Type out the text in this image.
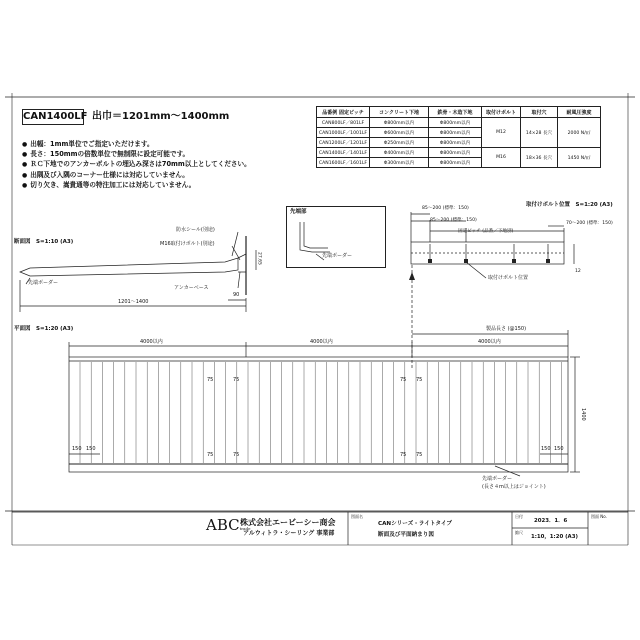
CAN1400LF 出巾＝1201mm～1400mm
● 出幅：1mm単位でご指定いただけます。
● 長さ：150mmの倍数単位で無制限に設定可能です。
● ＲＣ下地でのアンカーボルトの埋込み深さは70mm以上としてください。
● 出隅及び入隅のコーナー仕様には対応していません。
● 切り欠き、嵩貴通等の特注加工には対応していません。
品番例 固定ピッチ	コンクリート下地	鉄骨・木造下地	取付けボルト	取付穴	耐風圧強度
CAN800LF／801LF	Φ800mm以内	Φ800mm以内	M12	14×28 長穴	2000 N/㎡
CAN1000LF／1001LF	Φ600mm以内	Φ800mm以内			
CAN1200LF／1201LF	Φ250mm以内	Φ800mm以内			
CAN1400LF／1401LF	Φ400mm以内	Φ800mm以内	M16	18×36 長穴	1450 N/㎡
CAN1600LF／1601LF	Φ300mm以内	Φ800mm以内			
断面図　S=1:10 (A3)
防水シール(別途)
M16取付けボルト(別途)
先端ボーダー
アンカーベース
1201～1400
90
27.65
先端部
先端ボーダー
取付けボルト位置　S=1:20 (A3)
85～200 (標準：150)
85～200 (標準：150)
70～200 (標準：150)
固定ピッチ (品番／下地別)
取付けボルト位置
12
平面図　S=1:20 (A3)	製品長さ (@150)
4000以内	4000以内	4000以内
75	75	75 75
75	75	75 75
150 150	150 150
1400
先端ボーダー
(長さ４m以上はジョイント)
ABCtrade
株式会社エービーシー商会
アルウィトラ・シーリング 事業部
図面名
CANシリーズ・ライトタイプ
断面及び平面納まり図
日付
2023．1．6
縮尺
1:10，1:20 (A3)
図面 No.
